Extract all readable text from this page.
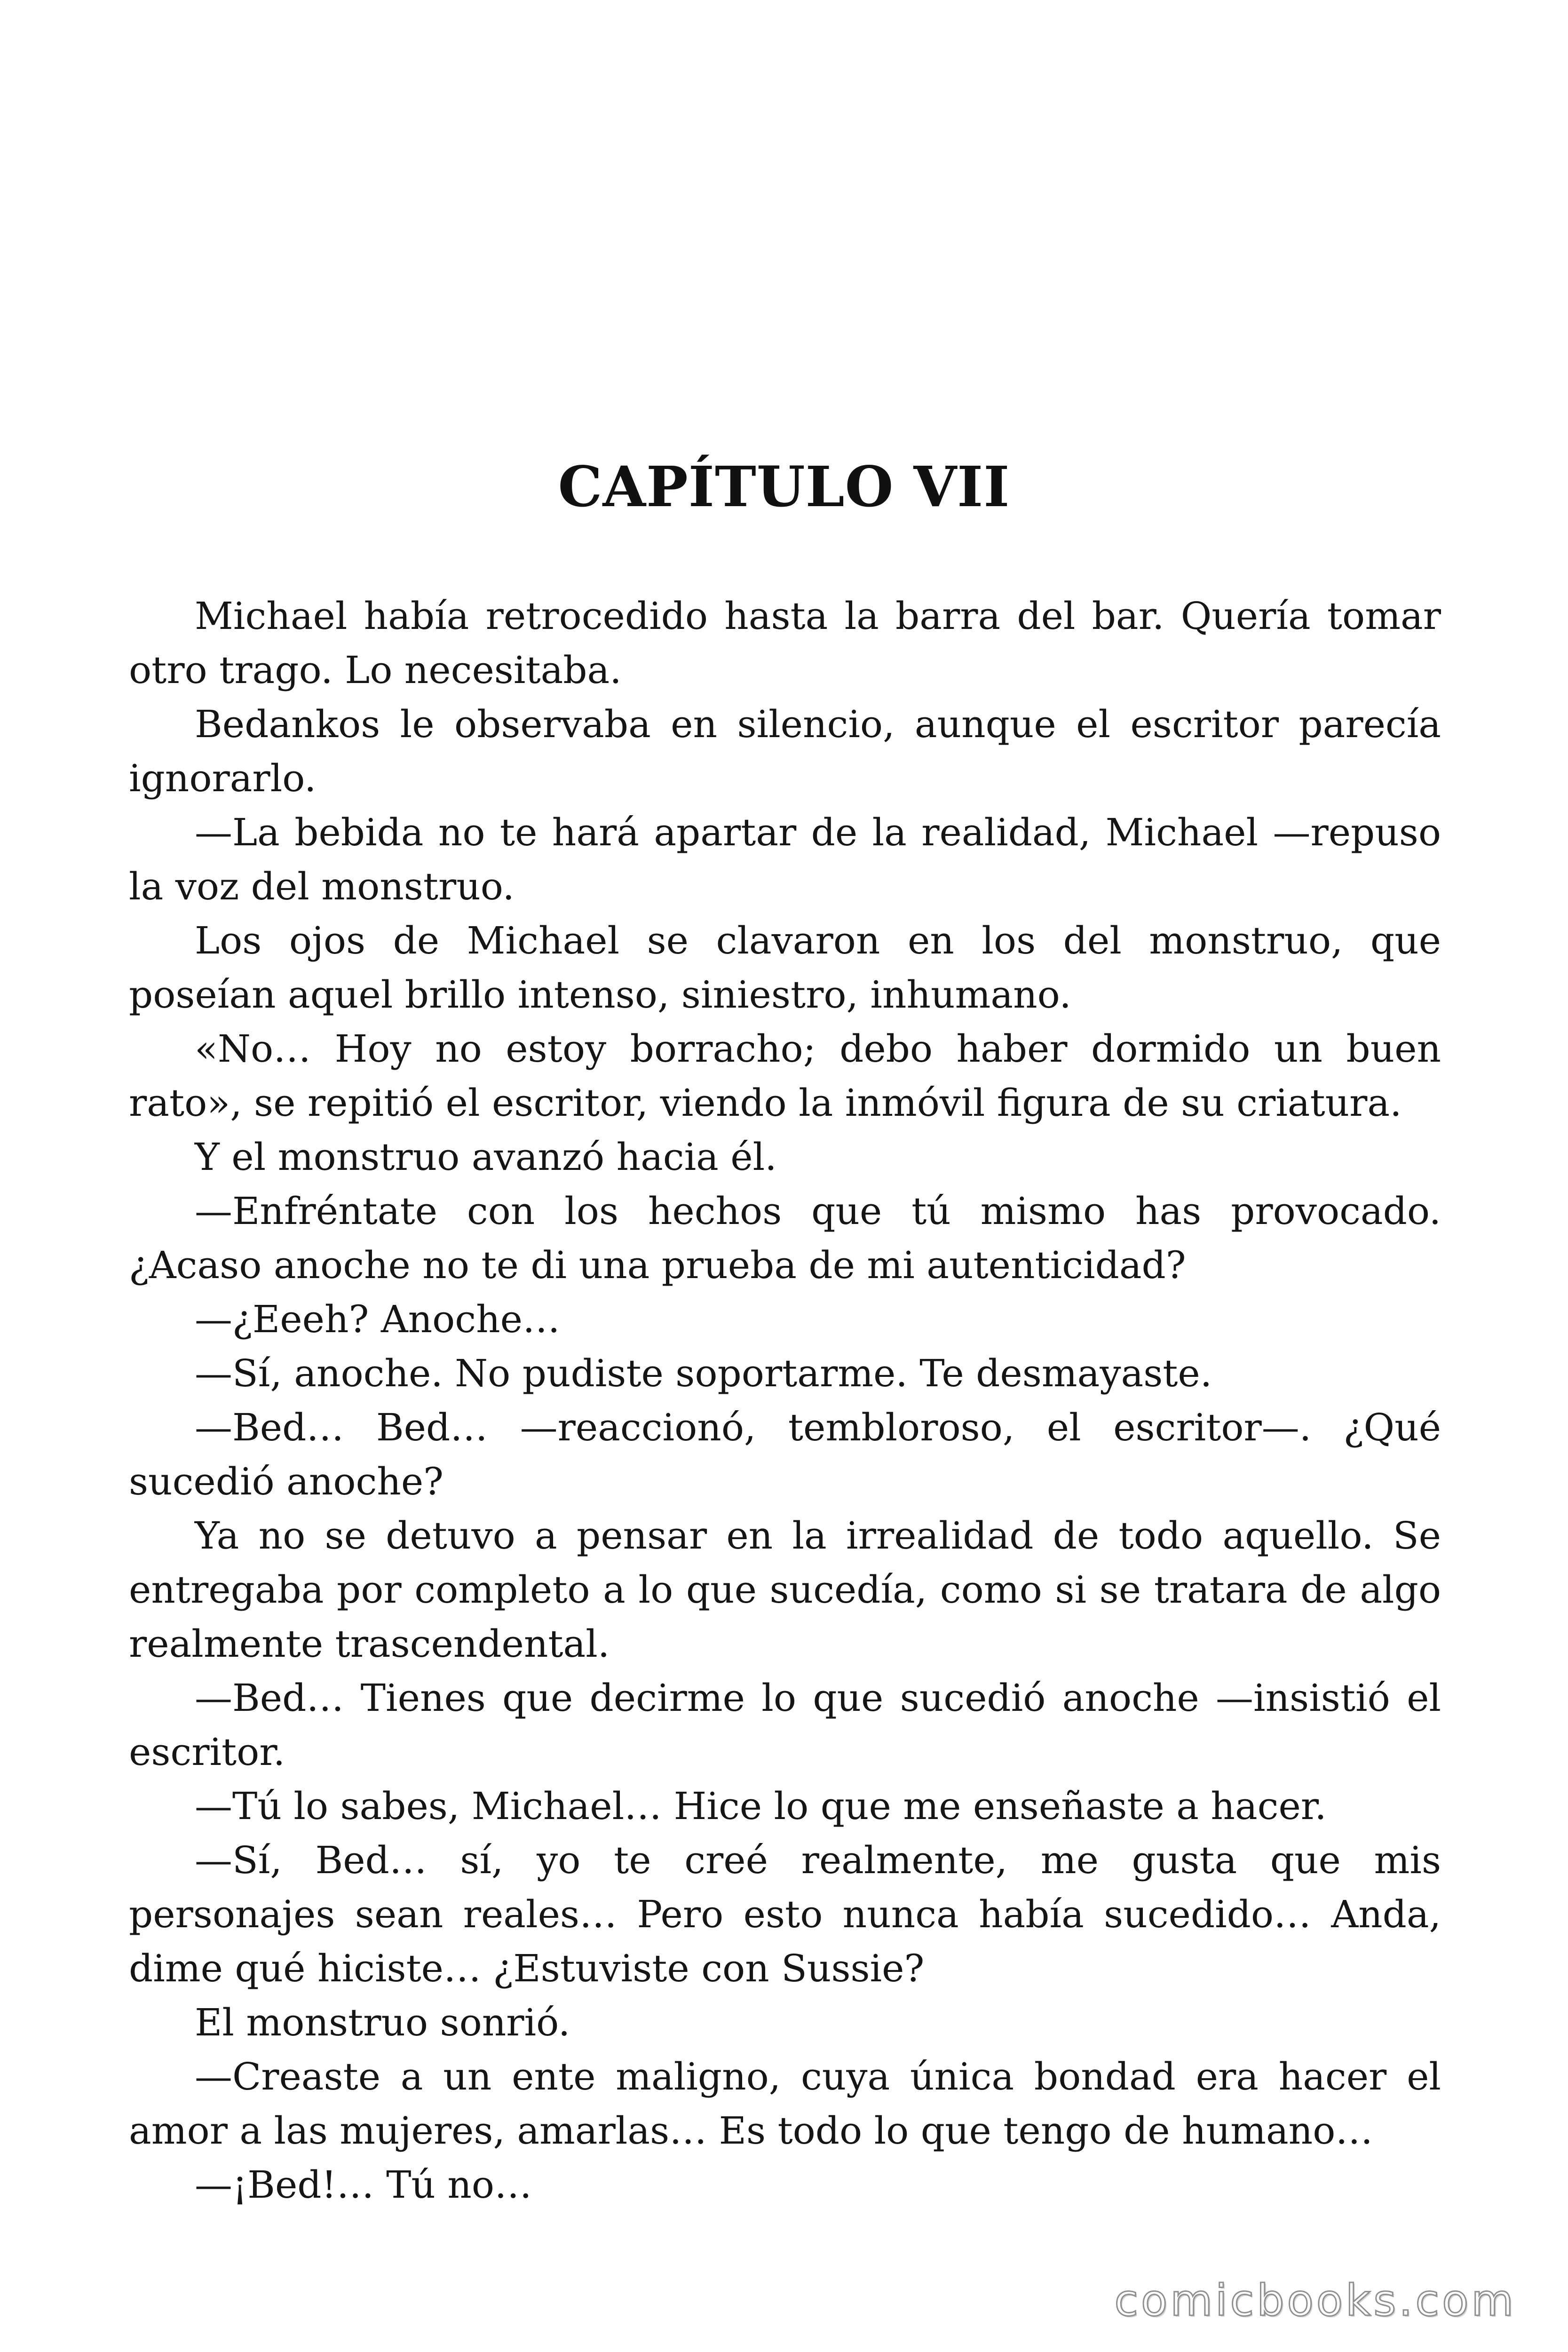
CAPÍTULO VII

Michael había retrocedido hasta la barra del bar. Quería tomar otro trago. Lo necesitaba.

Bedankos le observaba en silencio, aunque el escritor parecía ignorarlo.

—La bebida no te hará apartar de la realidad, Michael —repuso la voz del monstruo.

Los ojos de Michael se clavaron en los del monstruo, que poseían aquel brillo intenso, siniestro, inhumano.

«No… Hoy no estoy borracho; debo haber dormido un buen rato», se repitió el escritor, viendo la inmóvil figura de su criatura.

Y el monstruo avanzó hacia él.

—Enfréntate con los hechos que tú mismo has provocado. ¿Acaso anoche no te di una prueba de mi autenticidad?

—¿Eeeh? Anoche…

—Sí, anoche. No pudiste soportarme. Te desmayaste.

—Bed… Bed… —reaccionó, tembloroso, el escritor—. ¿Qué sucedió anoche?

Ya no se detuvo a pensar en la irrealidad de todo aquello. Se entregaba por completo a lo que sucedía, como si se tratara de algo realmente trascendental.

—Bed… Tienes que decirme lo que sucedió anoche —insistió el escritor.

—Tú lo sabes, Michael… Hice lo que me enseñaste a hacer.

—Sí, Bed… sí, yo te creé realmente, me gusta que mis personajes sean reales… Pero esto nunca había sucedido… Anda, dime qué hiciste… ¿Estuviste con Sussie?

El monstruo sonrió.

—Creaste a un ente maligno, cuya única bondad era hacer el amor a las mujeres, amarlas… Es todo lo que tengo de humano…

—¡Bed!… Tú no…

comicbooks.com
